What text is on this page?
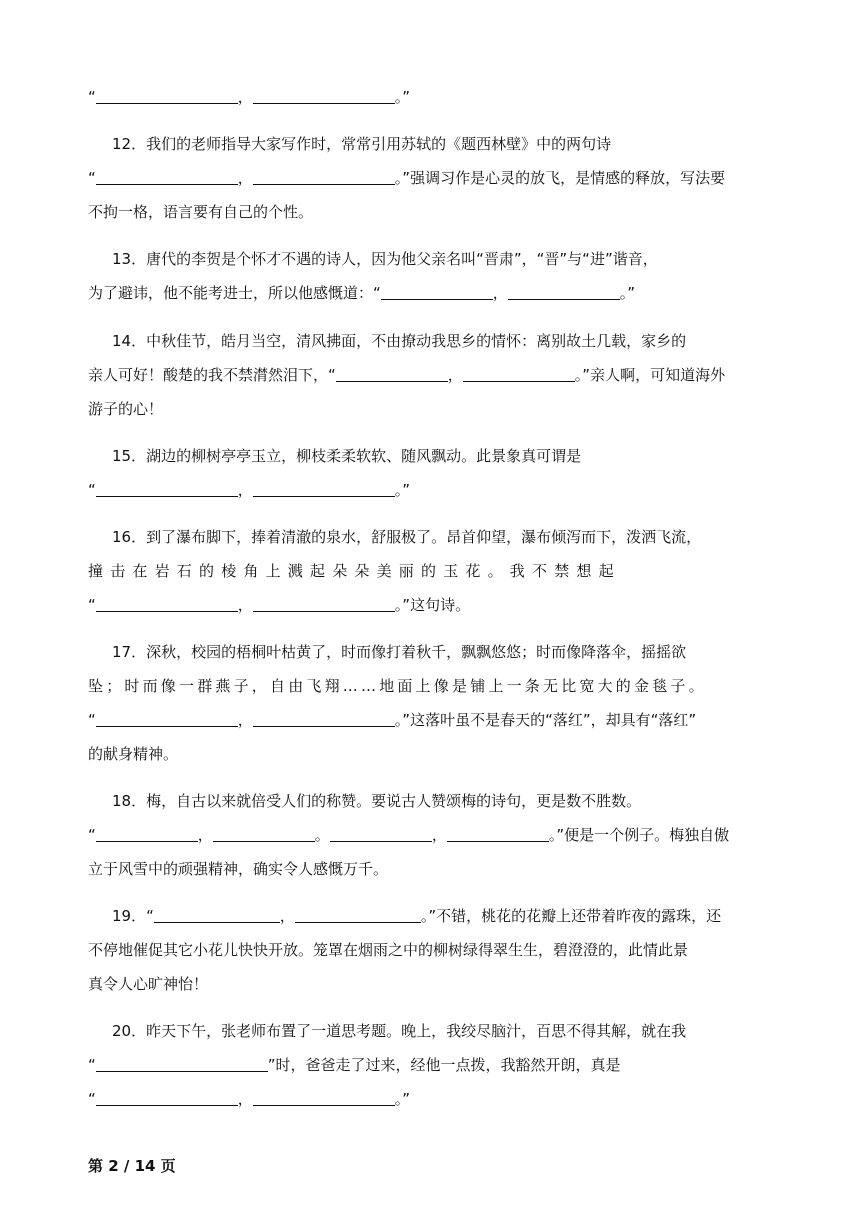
“	，	。”
12．我们的老师指导大家写作时，常常引用苏轼的《题西林壁》中的两句诗
“	，	。”强调习作是心灵的放飞，是情感的释放，写法要
不拘一格，语言要有自己的个性。
13．唐代的李贺是个怀才不遇的诗人，因为他父亲名叫“晋肃”，“晋”与“进”谐音，
为了避讳，他不能考进士，所以他感慨道：“	，	。”
14．中秋佳节，皓月当空，清风拂面，不由撩动我思乡的情怀：离别故土几载，家乡的
亲人可好！酸楚的我不禁潸然泪下，“	，	。”亲人啊，可知道海外
游子的心！
15．湖边的柳树亭亭玉立，柳枝柔柔软软、随风飘动。此景象真可谓是
“	，	。”
16．到了瀑布脚下，捧着清澈的泉水，舒服极了。昂首仰望，瀑布倾泻而下，泼洒飞流，
撞击在岩石的棱角上溅起朵朵美丽的玉花。我不禁想起
“	，	。”这句诗。
17．深秋，校园的梧桐叶枯黄了，时而像打着秋千，飘飘悠悠；时而像降落伞，摇摇欲
坠；时而像一群燕子，自由飞翔……地面上像是铺上一条无比宽大的金毯子。
“	，	。”这落叶虽不是春天的“落红”，却具有“落红”
的献身精神。
18．梅，自古以来就倍受人们的称赞。要说古人赞颂梅的诗句，更是数不胜数。
“	，	。	，	。”便是一个例子。梅独自傲
立于风雪中的顽强精神，确实令人感慨万千。
19．“	，	。”不错，桃花的花瓣上还带着昨夜的露珠，还
不停地催促其它小花儿快快开放。笼罩在烟雨之中的柳树绿得翠生生，碧澄澄的，此情此景
真令人心旷神怡！
20．昨天下午，张老师布置了一道思考题。晚上，我绞尽脑汁，百思不得其解，就在我
“	”时，爸爸走了过来，经他一点拨，我豁然开朗，真是
“	，	。”
第 2 / 14 页
